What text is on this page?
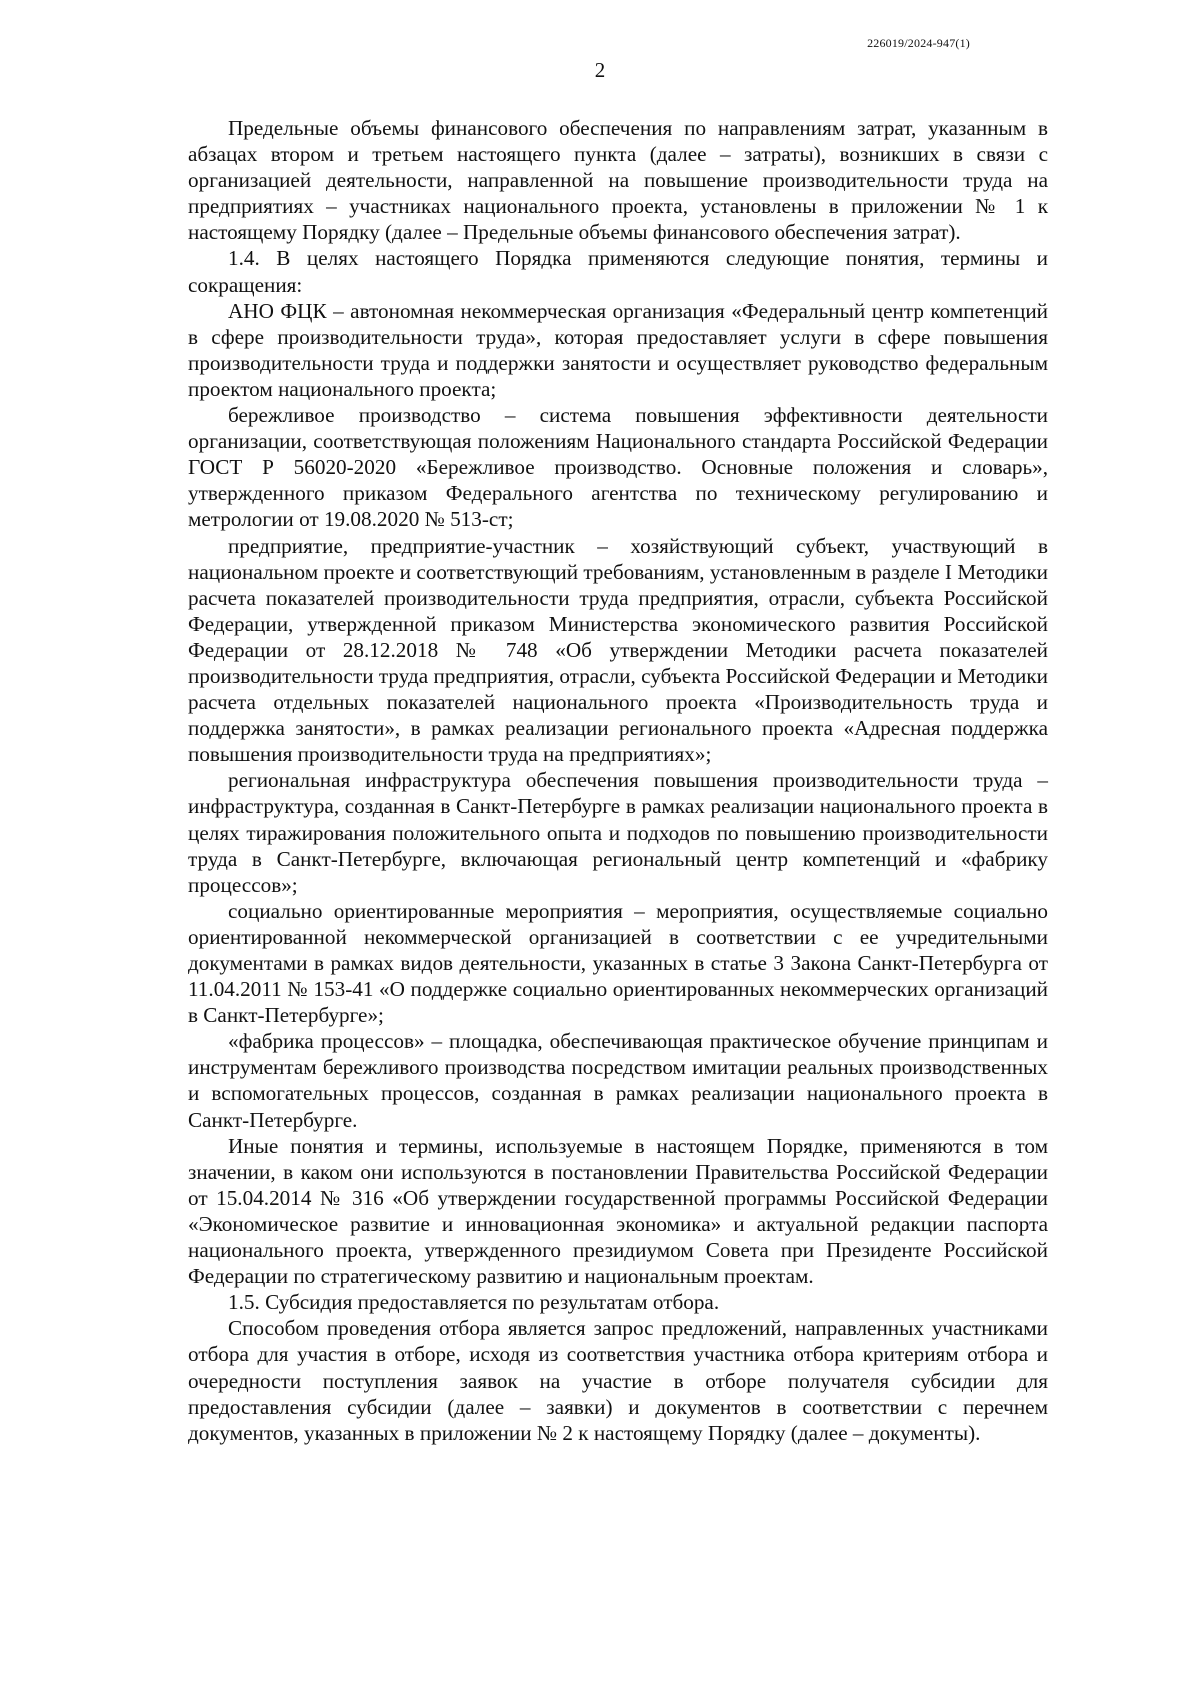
226019/2024-947(1)
2

Предельные объемы финансового обеспечения по направлениям затрат, указанным в абзацах втором и третьем настоящего пункта (далее – затраты), возникших в связи с организацией деятельности, направленной на повышение производительности труда на предприятиях – участниках национального проекта, установлены в приложении № 1 к настоящему Порядку (далее – Предельные объемы финансового обеспечения затрат).

1.4. В целях настоящего Порядка применяются следующие понятия, термины и сокращения:

АНО ФЦК – автономная некоммерческая организация «Федеральный центр компетенций в сфере производительности труда», которая предоставляет услуги в сфере повышения производительности труда и поддержки занятости и осуществляет руководство федеральным проектом национального проекта;

бережливое производство – система повышения эффективности деятельности организации, соответствующая положениям Национального стандарта Российской Федерации ГОСТ Р 56020-2020 «Бережливое производство. Основные положения и словарь», утвержденного приказом Федерального агентства по техническому регулированию и метрологии от 19.08.2020 № 513-ст;

предприятие, предприятие-участник – хозяйствующий субъект, участвующий в национальном проекте и соответствующий требованиям, установленным в разделе I Методики расчета показателей производительности труда предприятия, отрасли, субъекта Российской Федерации, утвержденной приказом Министерства экономического развития Российской Федерации от 28.12.2018 № 748 «Об утверждении Методики расчета показателей производительности труда предприятия, отрасли, субъекта Российской Федерации и Методики расчета отдельных показателей национального проекта «Производительность труда и поддержка занятости», в рамках реализации регионального проекта «Адресная поддержка повышения производительности труда на предприятиях»;

региональная инфраструктура обеспечения повышения производительности труда – инфраструктура, созданная в Санкт-Петербурге в рамках реализации национального проекта в целях тиражирования положительного опыта и подходов по повышению производительности труда в Санкт-Петербурге, включающая региональный центр компетенций и «фабрику процессов»;

социально ориентированные мероприятия – мероприятия, осуществляемые социально ориентированной некоммерческой организацией в соответствии с ее учредительными документами в рамках видов деятельности, указанных в статье 3 Закона Санкт-Петербурга от 11.04.2011 № 153-41 «О поддержке социально ориентированных некоммерческих организаций в Санкт-Петербурге»;

«фабрика процессов» – площадка, обеспечивающая практическое обучение принципам и инструментам бережливого производства посредством имитации реальных производственных и вспомогательных процессов, созданная в рамках реализации национального проекта в Санкт-Петербурге.

Иные понятия и термины, используемые в настоящем Порядке, применяются в том значении, в каком они используются в постановлении Правительства Российской Федерации от 15.04.2014 № 316 «Об утверждении государственной программы Российской Федерации «Экономическое развитие и инновационная экономика» и актуальной редакции паспорта национального проекта, утвержденного президиумом Совета при Президенте Российской Федерации по стратегическому развитию и национальным проектам.

1.5. Субсидия предоставляется по результатам отбора.

Способом проведения отбора является запрос предложений, направленных участниками отбора для участия в отборе, исходя из соответствия участника отбора критериям отбора и очередности поступления заявок на участие в отборе получателя субсидии для предоставления субсидии (далее – заявки) и документов в соответствии с перечнем документов, указанных в приложении № 2 к настоящему Порядку (далее – документы).
